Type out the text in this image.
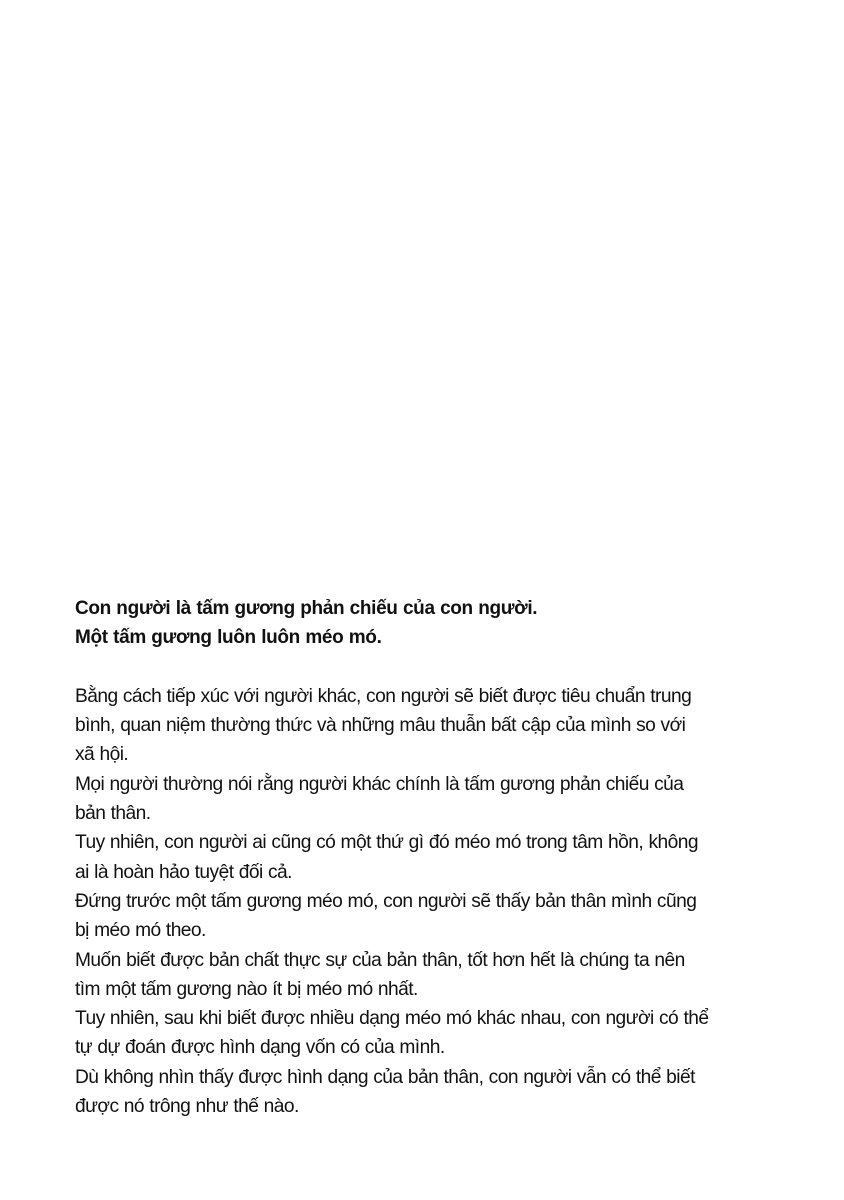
Con người là tấm gương phản chiếu của con người.
Một tấm gương luôn luôn méo mó.
Bằng cách tiếp xúc với người khác, con người sẽ biết được tiêu chuẩn trung
bình, quan niệm thường thức và những mâu thuẫn bất cập của mình so với
xã hội.
Mọi người thường nói rằng người khác chính là tấm gương phản chiếu của
bản thân.
Tuy nhiên, con người ai cũng có một thứ gì đó méo mó trong tâm hồn, không
ai là hoàn hảo tuyệt đối cả.
Đứng trước một tấm gương méo mó, con người sẽ thấy bản thân mình cũng
bị méo mó theo.
Muốn biết được bản chất thực sự của bản thân, tốt hơn hết là chúng ta nên
tìm một tấm gương nào ít bị méo mó nhất.
Tuy nhiên, sau khi biết được nhiều dạng méo mó khác nhau, con người có thể
tự dự đoán được hình dạng vốn có của mình.
Dù không nhìn thấy được hình dạng của bản thân, con người vẫn có thể biết
được nó trông như thế nào.
